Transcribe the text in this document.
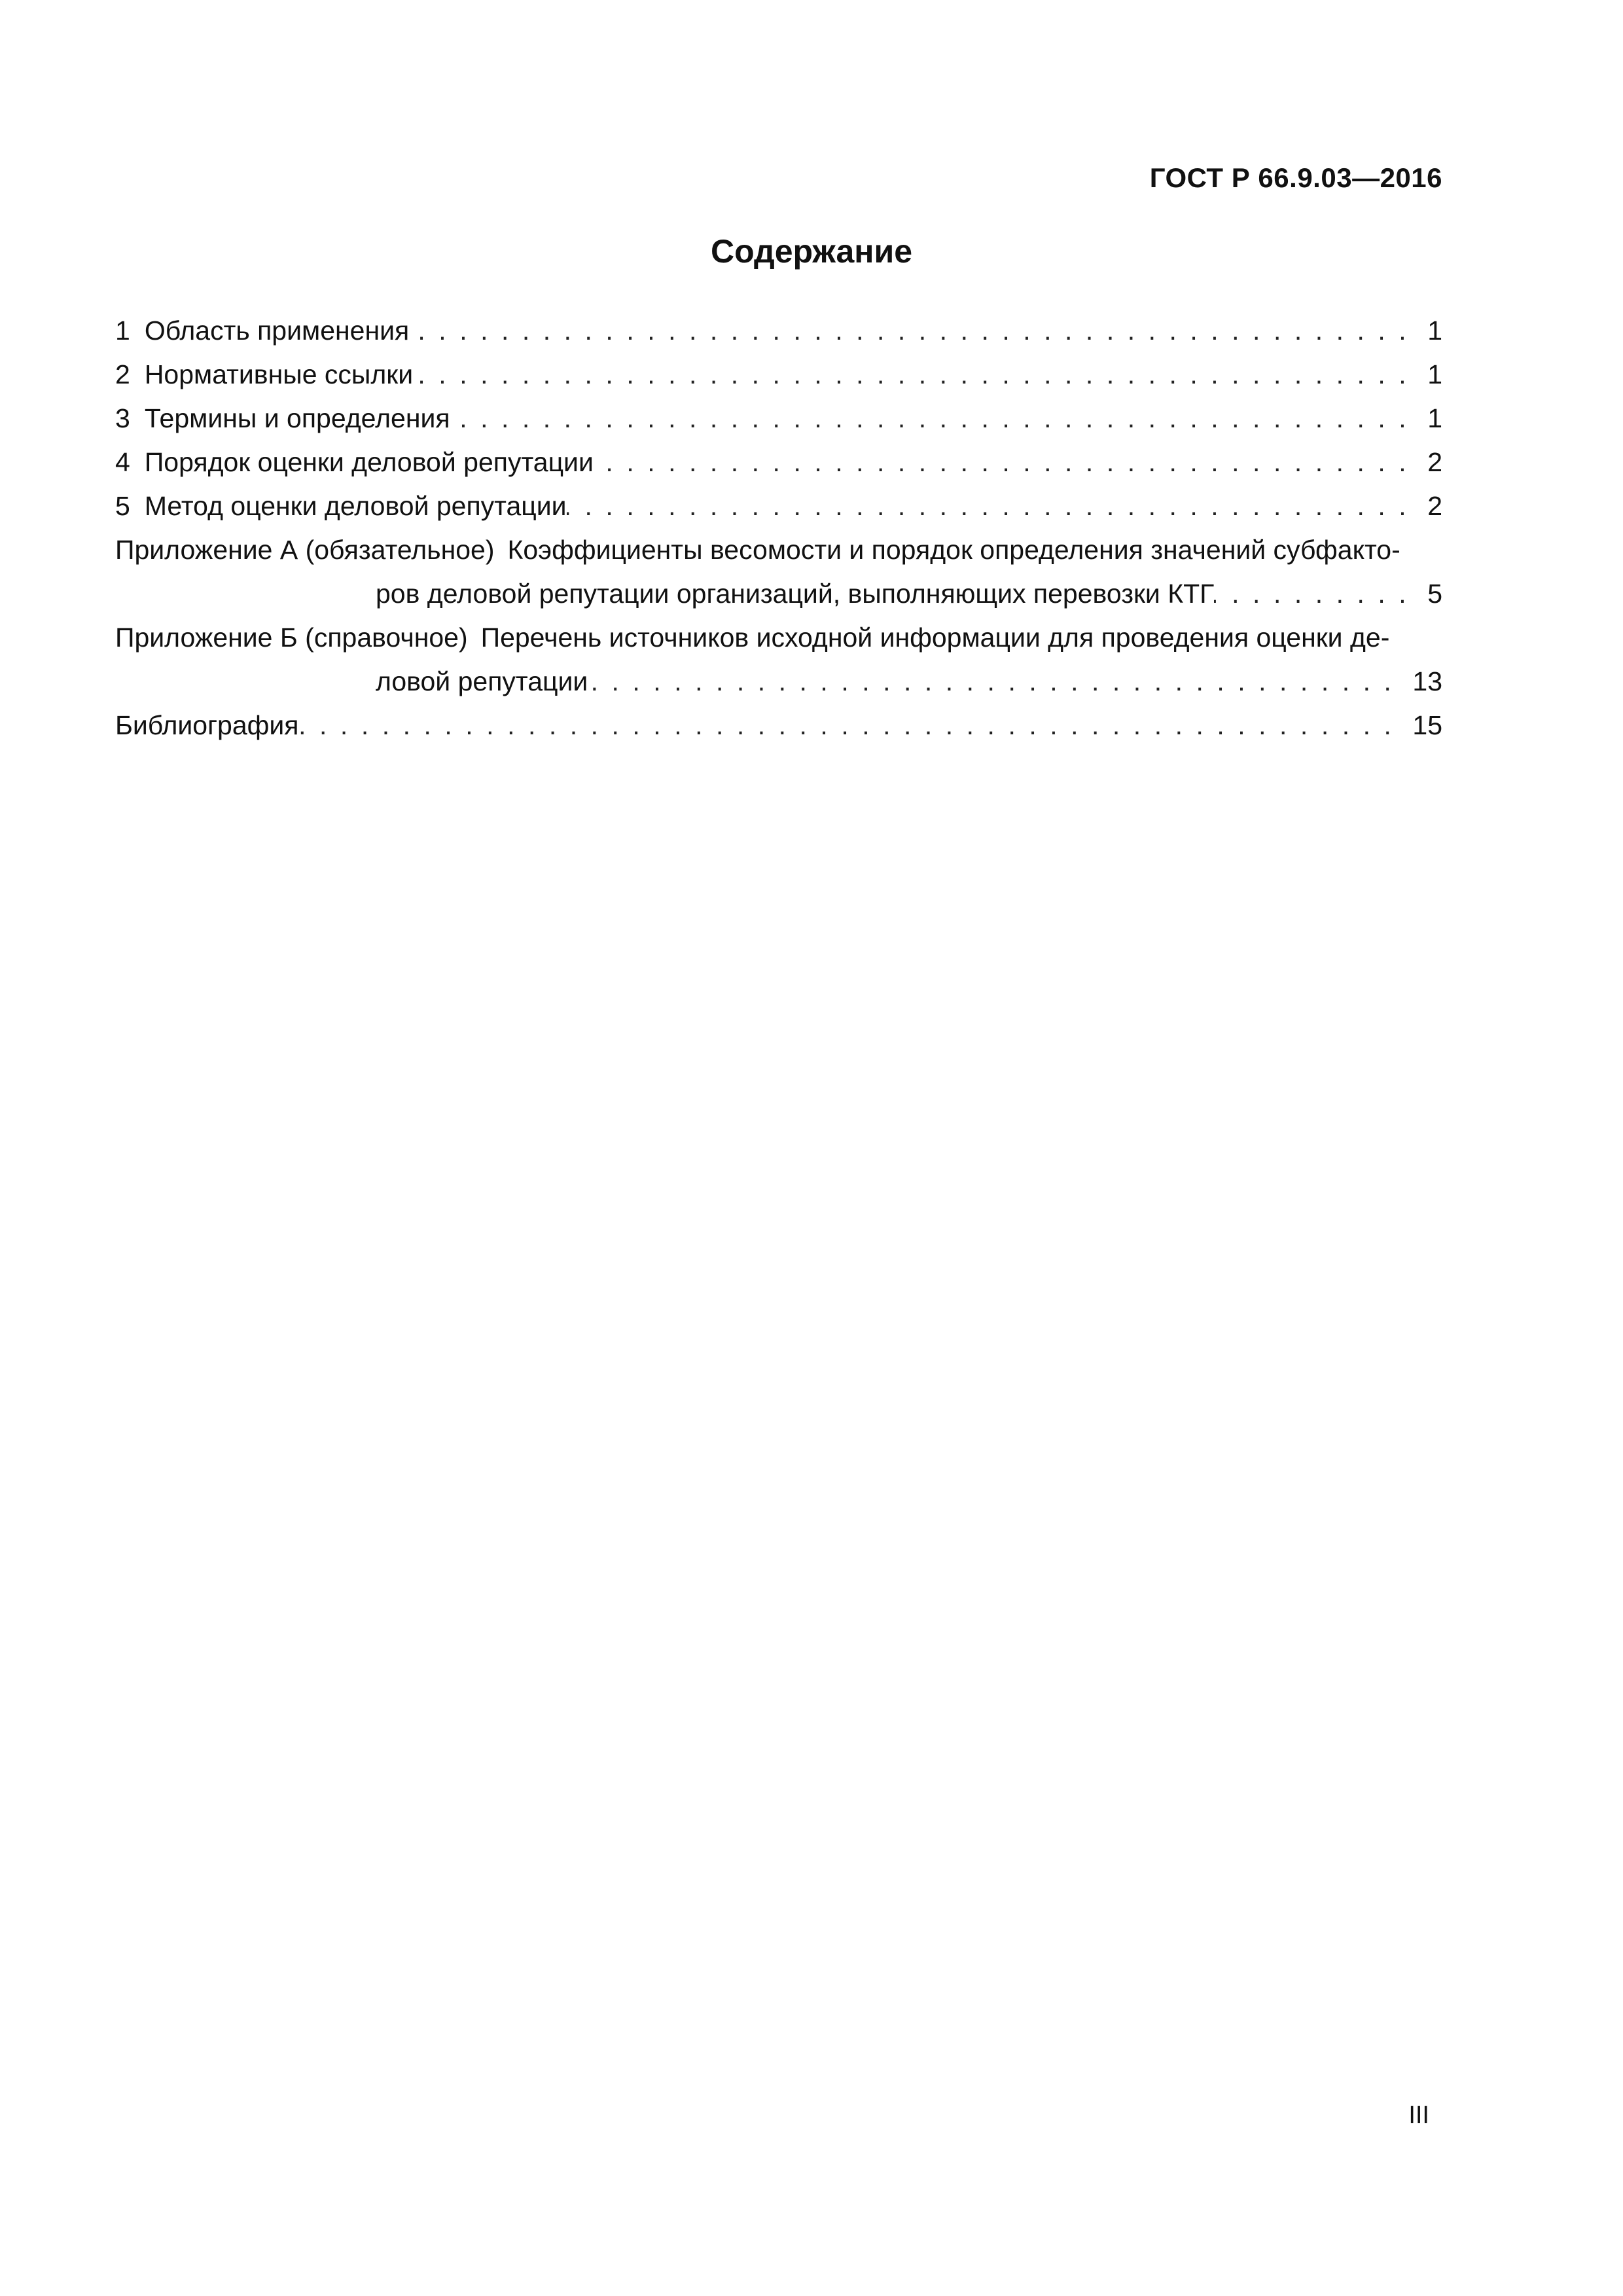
ГОСТ Р 66.9.03—2016
Содержание
1 Область применения .....	1
2 Нормативные ссылки .....	1
3 Термины и определения .....	1
4 Порядок оценки деловой репутации .....	2
5 Метод оценки деловой репутации .....	2
Приложение А (обязательное) Коэффициенты весомости и порядок определения значений субфакто-
ров деловой репутации организаций, выполняющих перевозки КТГ .....	5
Приложение Б (справочное) Перечень источников исходной информации для проведения оценки де-
ловой репутации .....	13
Библиография .....	15
III
